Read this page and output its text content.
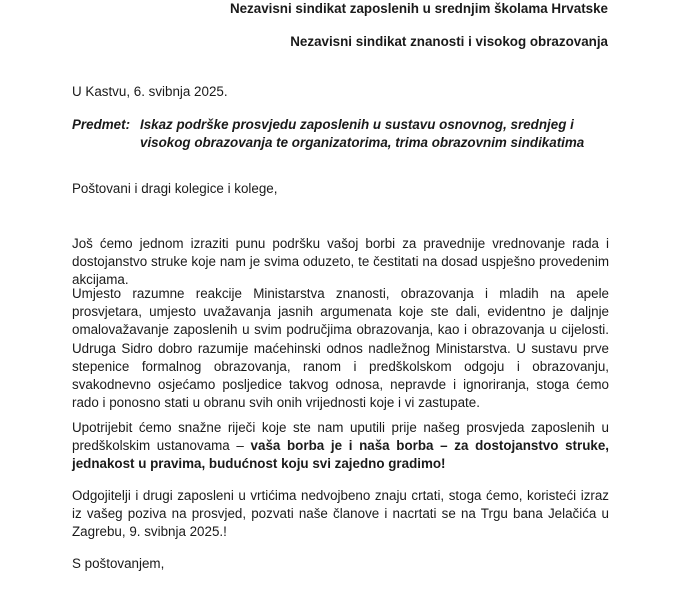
Nezavisni sindikat zaposlenih u srednjim školama Hrvatske
Nezavisni sindikat znanosti i visokog obrazovanja
U Kastvu, 6. svibnja 2025.
Predmet: Iskaz podrške prosvjedu zaposlenih u sustavu osnovnog, srednjeg i visokog obrazovanja te organizatorima, trima obrazovnim sindikatima
Poštovani i dragi kolegice i kolege,
Još ćemo jednom izraziti punu podršku vašoj borbi za pravednije vrednovanje rada i dostojanstvo struke koje nam je svima oduzeto, te čestitati na dosad uspješno provedenim akcijama.
Umjesto razumne reakcije Ministarstva znanosti, obrazovanja i mladih na apele prosvjetara, umjesto uvažavanja jasnih argumenata koje ste dali, evidentno je daljnje omalovažavanje zaposlenih u svim područjima obrazovanja, kao i obrazovanja u cijelosti. Udruga Sidro dobro razumije maćehinski odnos nadležnog Ministarstva. U sustavu prve stepenice formalnog obrazovanja, ranom i predškolskom odgoju i obrazovanju, svakodnevno osjećamo posljedice takvog odnosa, nepravde i ignoriranja, stoga ćemo rado i ponosno stati u obranu svih onih vrijednosti koje i vi zastupate.
Upotrijebit ćemo snažne riječi koje ste nam uputili prije našeg prosvjeda zaposlenih u predškolskim ustanovama – vaša borba je i naša borba – za dostojanstvo struke, jednakost u pravima, budućnost koju svi zajedno gradimo!
Odgojitelji i drugi zaposleni u vrtićima nedvojbeno znaju crtati, stoga ćemo, koristeći izraz iz vašeg poziva na prosvjed, pozvati naše članove i nacrtati se na Trgu bana Jelačića u Zagrebu, 9. svibnja 2025.!
S poštovanjem,
